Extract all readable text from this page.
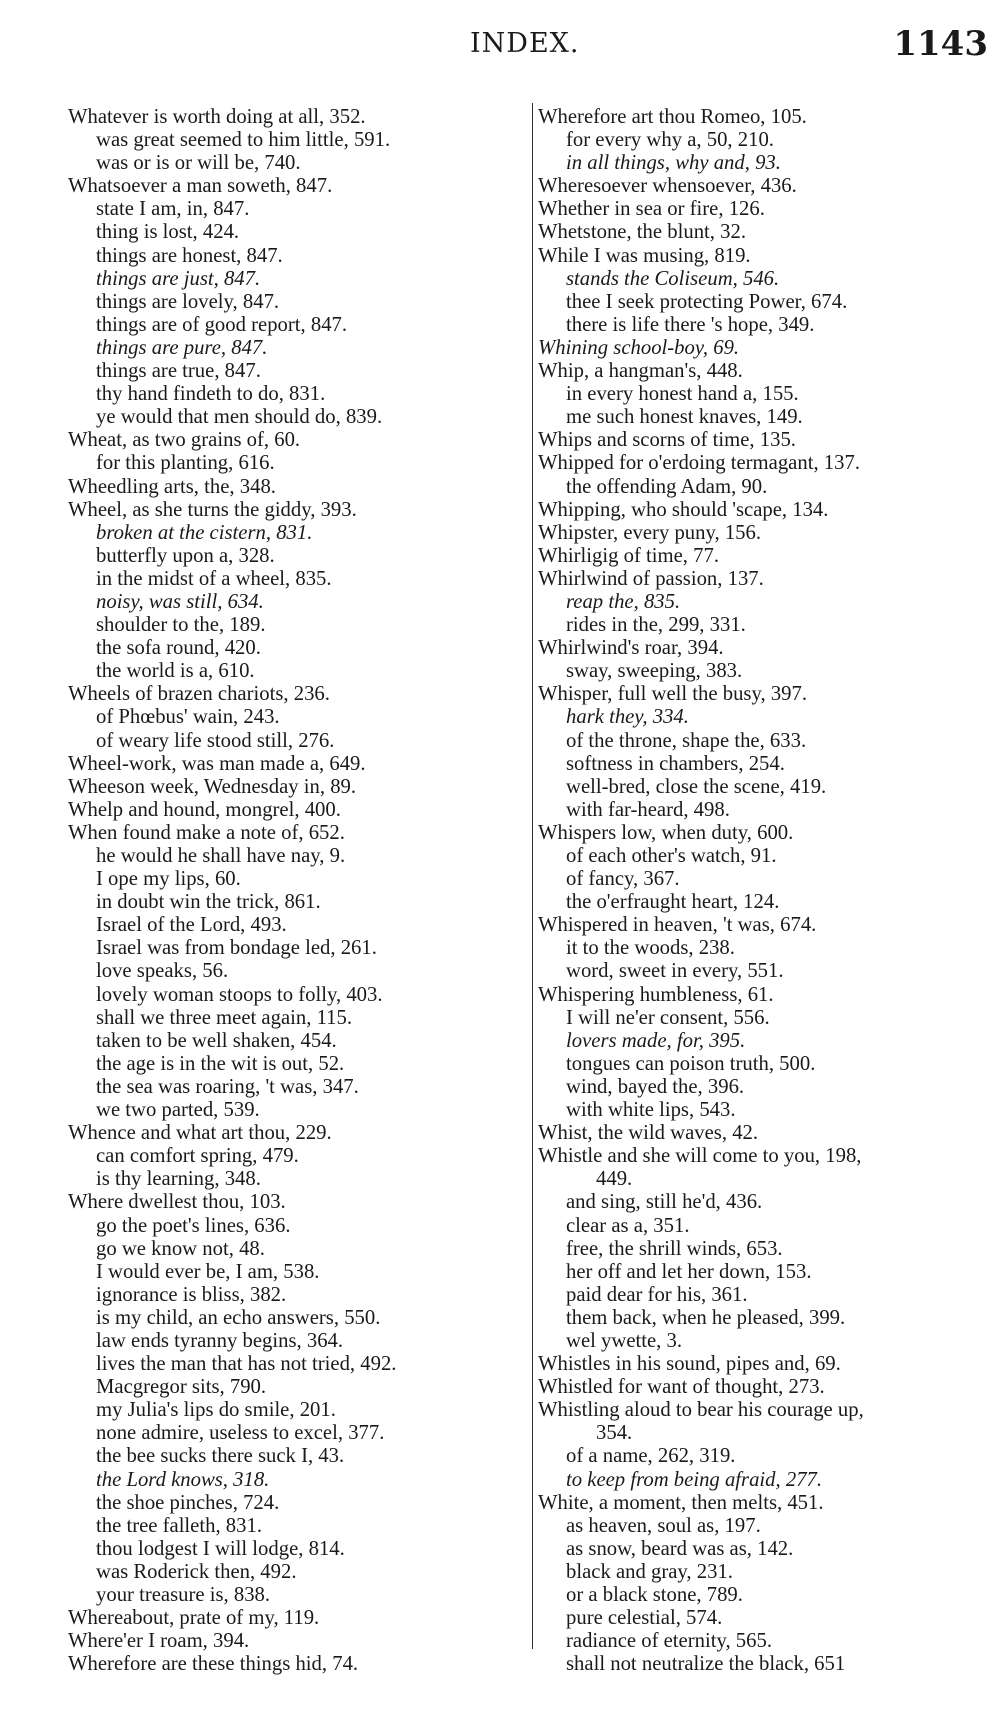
INDEX.	1143
Whatever is worth doing at all, 352.
was great seemed to him little, 591.
was or is or will be, 740.
Whatsoever a man soweth, 847.
state I am, in, 847.
thing is lost, 424.
things are honest, 847.
things are just, 847.
things are lovely, 847.
things are of good report, 847.
things are pure, 847.
things are true, 847.
thy hand findeth to do, 831.
ye would that men should do, 839.
Wheat, as two grains of, 60.
for this planting, 616.
Wheedling arts, the, 348.
Wheel, as she turns the giddy, 393.
broken at the cistern, 831.
butterfly upon a, 328.
in the midst of a wheel, 835.
noisy, was still, 634.
shoulder to the, 189.
the sofa round, 420.
the world is a, 610.
Wheels of brazen chariots, 236.
of Phœbus' wain, 243.
of weary life stood still, 276.
Wheel-work, was man made a, 649.
Wheeson week, Wednesday in, 89.
Whelp and hound, mongrel, 400.
When found make a note of, 652.
he would he shall have nay, 9.
I ope my lips, 60.
in doubt win the trick, 861.
Israel of the Lord, 493.
Israel was from bondage led, 261.
love speaks, 56.
lovely woman stoops to folly, 403.
shall we three meet again, 115.
taken to be well shaken, 454.
the age is in the wit is out, 52.
the sea was roaring, 't was, 347.
we two parted, 539.
Whence and what art thou, 229.
can comfort spring, 479.
is thy learning, 348.
Where dwellest thou, 103.
go the poet's lines, 636.
go we know not, 48.
I would ever be, I am, 538.
ignorance is bliss, 382.
is my child, an echo answers, 550.
law ends tyranny begins, 364.
lives the man that has not tried, 492.
Macgregor sits, 790.
my Julia's lips do smile, 201.
none admire, useless to excel, 377.
the bee sucks there suck I, 43.
the Lord knows, 318.
the shoe pinches, 724.
the tree falleth, 831.
thou lodgest I will lodge, 814.
was Roderick then, 492.
your treasure is, 838.
Whereabout, prate of my, 119.
Where'er I roam, 394.
Wherefore are these things hid, 74.
Wherefore art thou Romeo, 105.
for every why a, 50, 210.
in all things, why and, 93.
Wheresoever whensoever, 436.
Whether in sea or fire, 126.
Whetstone, the blunt, 32.
While I was musing, 819.
stands the Coliseum, 546.
thee I seek protecting Power, 674.
there is life there 's hope, 349.
Whining school-boy, 69.
Whip, a hangman's, 448.
in every honest hand a, 155.
me such honest knaves, 149.
Whips and scorns of time, 135.
Whipped for o'erdoing termagant, 137.
the offending Adam, 90.
Whipping, who should 'scape, 134.
Whipster, every puny, 156.
Whirligig of time, 77.
Whirlwind of passion, 137.
reap the, 835.
rides in the, 299, 331.
Whirlwind's roar, 394.
sway, sweeping, 383.
Whisper, full well the busy, 397.
hark they, 334.
of the throne, shape the, 633.
softness in chambers, 254.
well-bred, close the scene, 419.
with far-heard, 498.
Whispers low, when duty, 600.
of each other's watch, 91.
of fancy, 367.
the o'erfraught heart, 124.
Whispered in heaven, 't was, 674.
it to the woods, 238.
word, sweet in every, 551.
Whispering humbleness, 61.
I will ne'er consent, 556.
lovers made, for, 395.
tongues can poison truth, 500.
wind, bayed the, 396.
with white lips, 543.
Whist, the wild waves, 42.
Whistle and she will come to you, 198,
449.
and sing, still he'd, 436.
clear as a, 351.
free, the shrill winds, 653.
her off and let her down, 153.
paid dear for his, 361.
them back, when he pleased, 399.
wel ywette, 3.
Whistles in his sound, pipes and, 69.
Whistled for want of thought, 273.
Whistling aloud to bear his courage up,
354.
of a name, 262, 319.
to keep from being afraid, 277.
White, a moment, then melts, 451.
as heaven, soul as, 197.
as snow, beard was as, 142.
black and gray, 231.
or a black stone, 789.
pure celestial, 574.
radiance of eternity, 565.
shall not neutralize the black, 651
